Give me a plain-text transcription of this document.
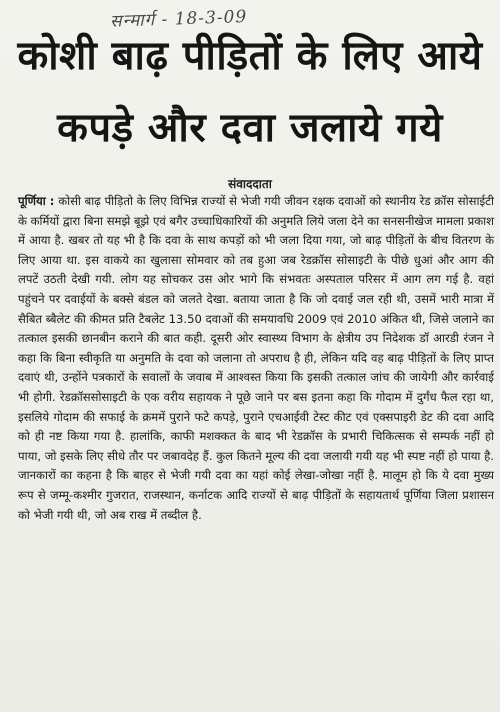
सन्मार्ग - 18-3-09
कोशी बाढ़ पीड़ितों के लिए आये
कपड़े और दवा जलाये गये
संवाददाता
पूर्णिया : कोसी बाढ़ पीड़ितो के लिए विभिन्न राज्यों से भेजी गयी जीवन रक्षक दवाओं को स्थानीय रेड क्रॉस सोसाईटी के कर्मियों द्वारा बिना समझे बूझे एवं बगैर उच्चाधिकारियों की अनुमति लिये जला देने का सनसनीखेज मामला प्रकाश में आया है. खबर तो यह भी है कि दवा के साथ कपड़ों को भी जला दिया गया, जो बाढ़ पीड़ितों के बीच वितरण के लिए आया था. इस वाकये का खुलासा सोमवार को तब हुआ जब रेडक्रॉस सोसाइटी के पीछे धुआं और आग की लपटें उठती देखी गयी. लोग यह सोचकर उस ओर भागे कि संभवतः अस्पताल परिसर में आग लग गई है. वहां पहुंचने पर दवाईयों के बक्से बंडल को जलते देखा. बताया जाता है कि जो दवाई जल रही थी, उसमें भारी मात्रा में सैबित ब्बैलेट की कीमत प्रति टैबलेट 13.50 दवाओं की समयावधि 2009 एवं 2010 अंकित थी, जिसे जलाने का तत्काल इसकी छानबीन कराने की बात कही. दूसरी ओर स्वास्थ्य विभाग के क्षेत्रीय उप निदेशक डॉ आरडी रंजन ने कहा कि बिना स्वीकृति या अनुमति के दवा को जलाना तो अपराध है ही, लेकिन यदि वह बाढ़ पीड़ितों के लिए प्राप्त दवाएं थी, उन्होंने पत्रकारों के सवालों के जवाब में आश्वस्त किया कि इसकी तत्काल जांच की जायेगी और कार्रवाई भी होगी. रेडक्रॉससोसाइटी के एक वरीय सहायक ने पूछे जाने पर बस इतना कहा कि गोदाम में दुर्गंध फैल रहा था, इसलिये गोदाम की सफाई के क्रममें पुराने फटे कपड़े, पुराने एचआईवी टेस्ट कीट एवं एक्सपाइरी डेट की दवा आदि को ही नष्ट किया गया है. हालांकि, काफी मशक्कत के बाद भी रेडक्रॉस के प्रभारी चिकित्सक से सम्पर्क नहीं हो पाया, जो इसके लिए सीधे तौर पर जबावदेह हैं. कुल कितने मूल्य की दवा जलायी गयी यह भी स्पष्ट नहीं हो पाया है. जानकारों का कहना है कि बाहर से भेजी गयी दवा का यहां कोई लेखा-जोखा नहीं है. मालूम हो कि ये दवा मुख्य रूप से जम्मू-कश्मीर गुजरात, राजस्थान, कर्नाटक आदि राज्यों से बाढ़ पीड़ितों के सहायतार्थ पूर्णिया जिला प्रशासन को भेजी गयी थी, जो अब राख में तब्दील है.
